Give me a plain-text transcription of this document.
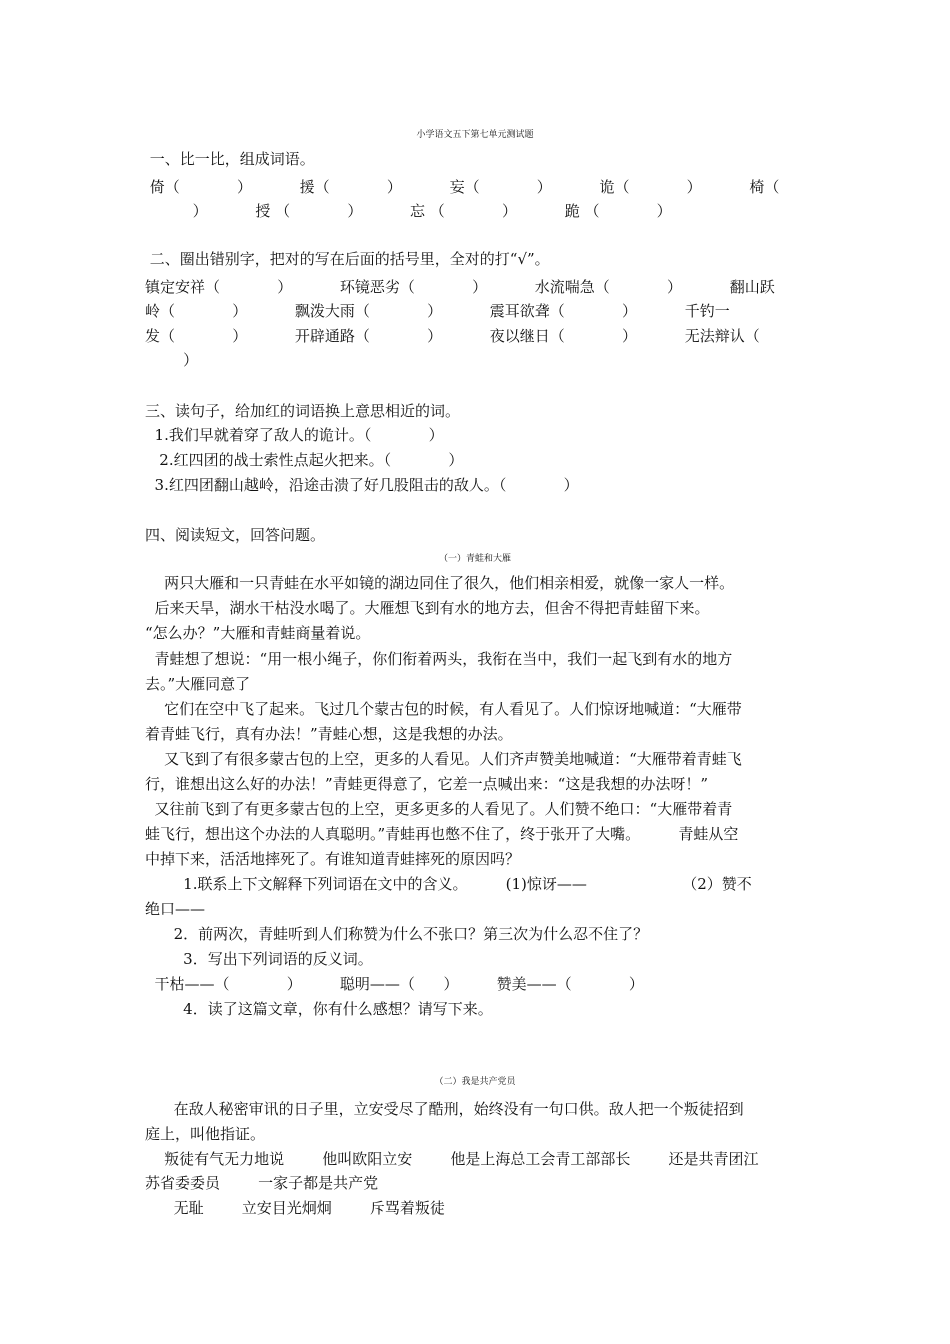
小学语文五下第七单元测试题
一、比一比，组成词语。
倚（            ）          援（            ）          妄（            ）          诡（            ）          椅（
）          授 （            ）          忘 （            ）          跪 （            ）
二、圈出错别字，把对的写在后面的括号里，全对的打“√”。
镇定安祥（            ）          环镜恶劣（            ）          水流喘急（            ）          翻山跃
岭（            ）          飘泼大雨（            ）          震耳欲聋（            ）          千钓一
发（            ）          开辟通路（            ）          夜以继日（            ）          无法辩认（
）
三、读句子，给加红的词语换上意思相近的词。
1.我们早就着穿了敌人的诡计。（            ）
2.红四团的战士索性点起火把来。（            ）
3.红四团翻山越岭，沿途击溃了好几股阻击的敌人。（            ）
四、阅读短文，回答问题。
（一）青蛙和大雁
两只大雁和一只青蛙在水平如镜的湖边同住了很久，他们相亲相爱，就像一家人一样。
后来天旱，湖水干枯没水喝了。大雁想飞到有水的地方去，但舍不得把青蛙留下来。
“怎么办？”大雁和青蛙商量着说。
青蛙想了想说：“用一根小绳子，你们衔着两头，我衔在当中，我们一起飞到有水的地方
去。”大雁同意了
它们在空中飞了起来。飞过几个蒙古包的时候，有人看见了。人们惊讶地喊道：“大雁带
着青蛙飞行，真有办法！”青蛙心想，这是我想的办法。
又飞到了有很多蒙古包的上空，更多的人看见。人们齐声赞美地喊道：“大雁带着青蛙飞
行，谁想出这么好的办法！”青蛙更得意了，它差一点喊出来：“这是我想的办法呀！”
又往前飞到了有更多蒙古包的上空，更多更多的人看见了。人们赞不绝口：“大雁带着青
蛙飞行，想出这个办法的人真聪明。”青蛙再也憋不住了，终于张开了大嘴。        青蛙从空
中掉下来，活活地摔死了。有谁知道青蛙摔死的原因吗？
1.联系上下文解释下列词语在文中的含义。        (1)惊讶——                    （2）赞不
绝口——
2．前两次，青蛙听到人们称赞为什么不张口？第三次为什么忍不住了？
3．写出下列词语的反义词。
干枯——（            ）        聪明——（      ）        赞美——（            ）
4．读了这篇文章，你有什么感想？请写下来。
（二）我是共产党员
在敌人秘密审讯的日子里，立安受尽了酷刑，始终没有一句口供。敌人把一个叛徒招到
庭上，叫他指证。
叛徒有气无力地说        他叫欧阳立安        他是上海总工会青工部部长        还是共青团江
苏省委委员        一家子都是共产党
无耻        立安目光炯炯        斥骂着叛徒
